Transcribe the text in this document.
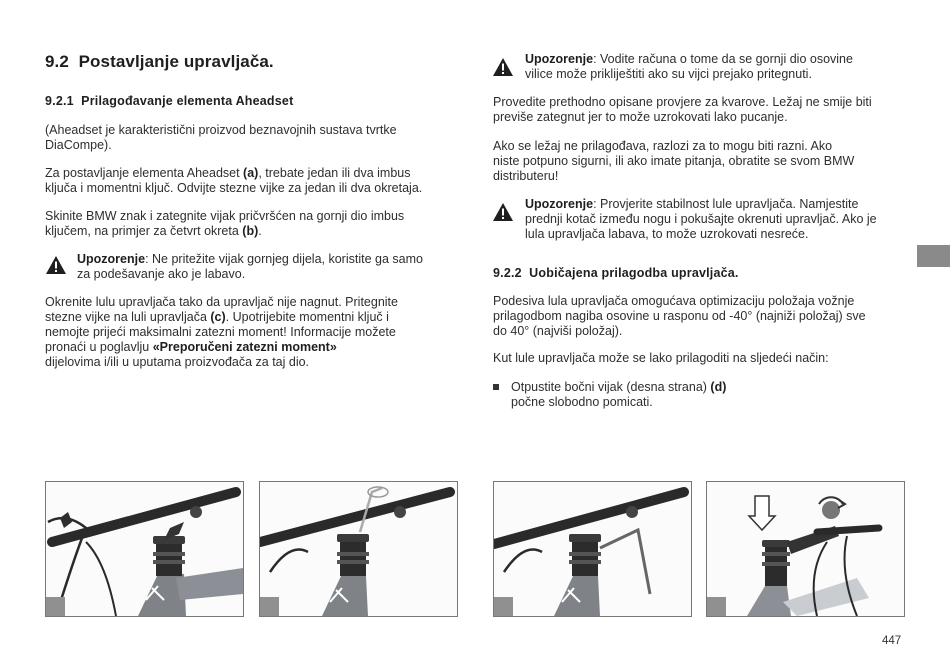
9.2 Postavljanje upravljača.
9.2.1 Prilagođavanje elementa Aheadset
(Aheadset je karakteristični proizvod beznavojnih sustava tvrtke
DiaCompe).
Za postavljanje elementa Aheadset (a), trebate jedan ili dva imbus
ključa i momentni ključ. Odvijte stezne vijke za jedan ili dva okretaja.
Skinite BMW znak i zategnite vijak pričvršćen na gornji dio imbus
ključem, na primjer za četvrt okreta (b).
Upozorenje: Ne pritežite vijak gornjeg dijela, koristite ga samo
za podešavanje ako je labavo.
Okrenite lulu upravljača tako da upravljač nije nagnut. Pritegnite
stezne vijke na luli upravljača (c). Upotrijebite momentni ključ i
nemojte prijeći maksimalni zatezni moment! Informacije možete
pronaći u poglavlju «Preporučeni zatezni moment»
dijelovima i/ili u uputama proizvođača za taj dio.
Upozorenje: Vodite računa o tome da se gornji dio osovine
vilice može prikliještiti ako su vijci prejako pritegnuti.
Provedite prethodno opisane provjere za kvarove. Ležaj ne smije biti
previše zategnut jer to može uzrokovati lako pucanje.
Ako se ležaj ne prilagođava, razlozi za to mogu biti razni. Ako
niste potpuno sigurni, ili ako imate pitanja, obratite se svom BMW
distributeru!
Upozorenje: Provjerite stabilnost lule upravljača. Namjestite
prednji kotač između nogu i pokušajte okrenuti upravljač. Ako je
lula upravljača labava, to može uzrokovati nesreće.
9.2.2 Uobičajena prilagodba upravljača.
Podesiva lula upravljača omogućava optimizaciju položaja vožnje
prilagodbom nagiba osovine u rasponu od -40° (najniži položaj) sve
do 40° (najviši položaj).
Kut lule upravljača može se lako prilagoditi na sljedeći način:
Otpustite bočni vijak (desna strana) (d)
počne slobodno pomicati.
447
